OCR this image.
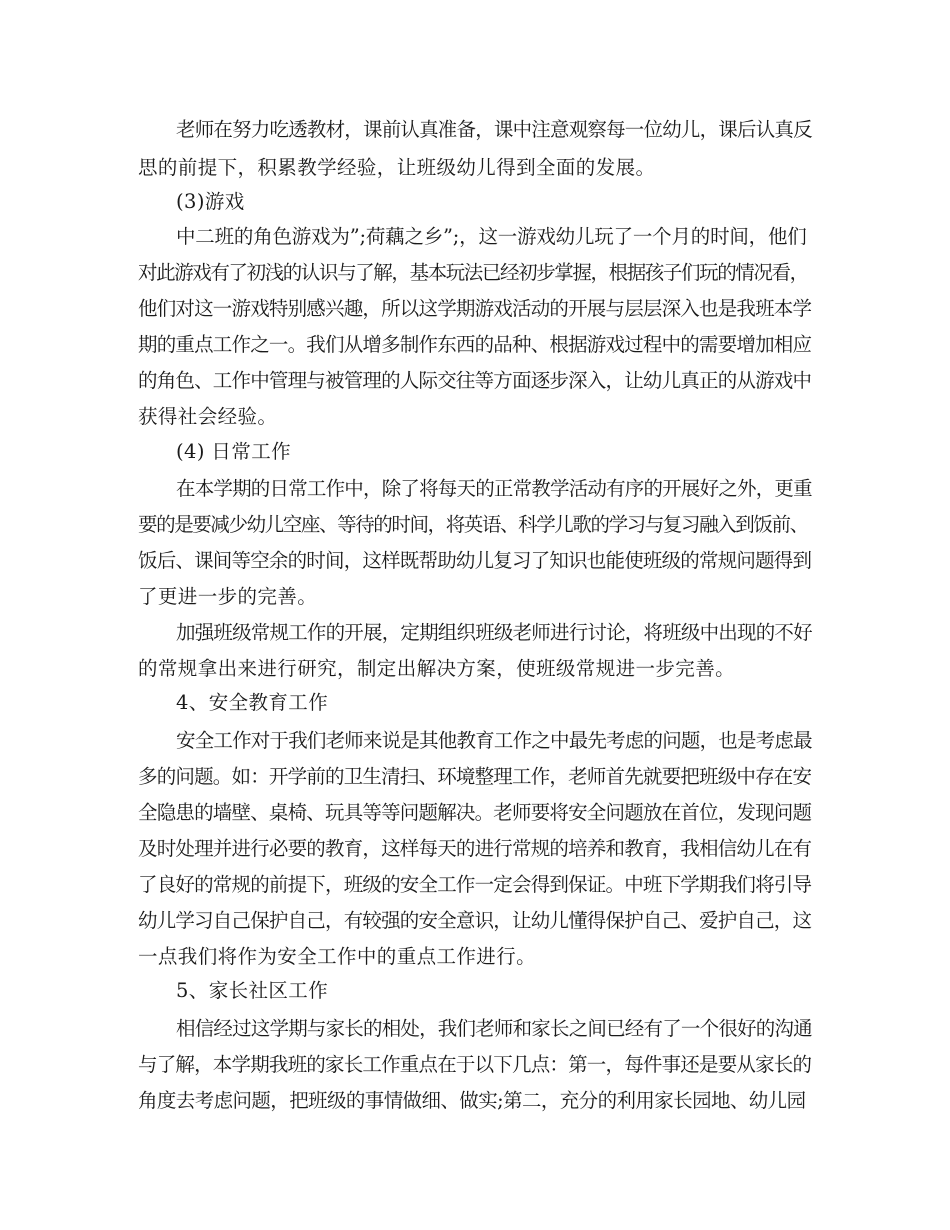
老师在努力吃透教材，课前认真准备，课中注意观察每一位幼儿，课后认真反
思的前提下，积累教学经验，让班级幼儿得到全面的发展。
(3)游戏
中二班的角色游戏为”;荷藕之乡”;，这一游戏幼儿玩了一个月的时间，他们
对此游戏有了初浅的认识与了解，基本玩法已经初步掌握，根据孩子们玩的情况看，
他们对这一游戏特别感兴趣，所以这学期游戏活动的开展与层层深入也是我班本学
期的重点工作之一。我们从增多制作东西的品种、根据游戏过程中的需要增加相应
的角色、工作中管理与被管理的人际交往等方面逐步深入，让幼儿真正的从游戏中
获得社会经验。
(4) 日常工作
在本学期的日常工作中，除了将每天的正常教学活动有序的开展好之外，更重
要的是要减少幼儿空座、等待的时间，将英语、科学儿歌的学习与复习融入到饭前、
饭后、课间等空余的时间，这样既帮助幼儿复习了知识也能使班级的常规问题得到
了更进一步的完善。
加强班级常规工作的开展，定期组织班级老师进行讨论，将班级中出现的不好
的常规拿出来进行研究，制定出解决方案，使班级常规进一步完善。
4、安全教育工作
安全工作对于我们老师来说是其他教育工作之中最先考虑的问题，也是考虑最
多的问题。如：开学前的卫生清扫、环境整理工作，老师首先就要把班级中存在安
全隐患的墙壁、桌椅、玩具等等问题解决。老师要将安全问题放在首位，发现问题
及时处理并进行必要的教育，这样每天的进行常规的培养和教育，我相信幼儿在有
了良好的常规的前提下，班级的安全工作一定会得到保证。中班下学期我们将引导
幼儿学习自己保护自己，有较强的安全意识，让幼儿懂得保护自己、爱护自己，这
一点我们将作为安全工作中的重点工作进行。
5、家长社区工作
相信经过这学期与家长的相处，我们老师和家长之间已经有了一个很好的沟通
与了解，本学期我班的家长工作重点在于以下几点：第一，每件事还是要从家长的
角度去考虑问题，把班级的事情做细、做实;第二，充分的利用家长园地、幼儿园
